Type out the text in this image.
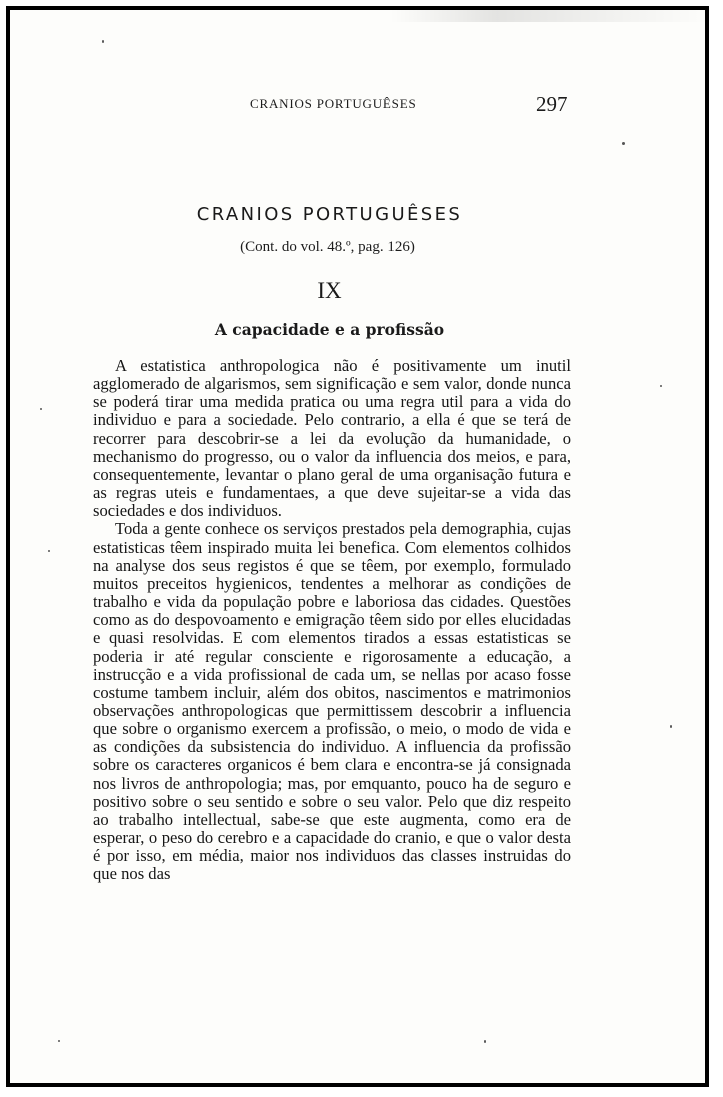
CRANIOS PORTUGUÊSES	297
CRANIOS PORTUGUÊSES
(Cont. do vol. 48.º, pag. 126)
IX
A capacidade e a profissão

A estatistica anthropologica não é positivamente um inutil agglomerado de algarismos, sem significação e sem valor, donde nunca se poderá tirar uma medida pratica ou uma regra util para a vida do individuo e para a sociedade. Pelo contrario, a ella é que se terá de recorrer para descobrir-se a lei da evolução da humanidade, o mechanismo do progresso, ou o valor da influencia dos meios, e para, consequentemente, levantar o plano geral de uma organisação futura e as regras uteis e fundamentaes, a que deve sujeitar-se a vida das sociedades e dos individuos.

Toda a gente conhece os serviços prestados pela demographia, cujas estatisticas têem inspirado muita lei benefica. Com elementos colhidos na analyse dos seus registos é que se têem, por exemplo, formulado muitos preceitos hygienicos, tendentes a melhorar as condições de trabalho e vida da população pobre e laboriosa das cidades. Questões como as do despovoamento e emigração têem sido por elles elucidadas e quasi resolvidas. E com elementos tirados a essas estatisticas se poderia ir até regular consciente e rigorosamente a educação, a instrucção e a vida profissional de cada um, se nellas por acaso fosse costume tambem incluir, além dos obitos, nascimentos e matrimonios observações anthropologicas que permittissem descobrir a influencia que sobre o organismo exercem a profissão, o meio, o modo de vida e as condições da subsistencia do individuo. A influencia da profissão sobre os caracteres organicos é bem clara e encontra-se já consignada nos livros de anthropologia; mas, por emquanto, pouco ha de seguro e positivo sobre o seu sentido e sobre o seu valor. Pelo que diz respeito ao trabalho intellectual, sabe-se que este augmenta, como era de esperar, o peso do cerebro e a capacidade do cranio, e que o valor desta é por isso, em média, maior nos individuos das classes instruidas do que nos das
